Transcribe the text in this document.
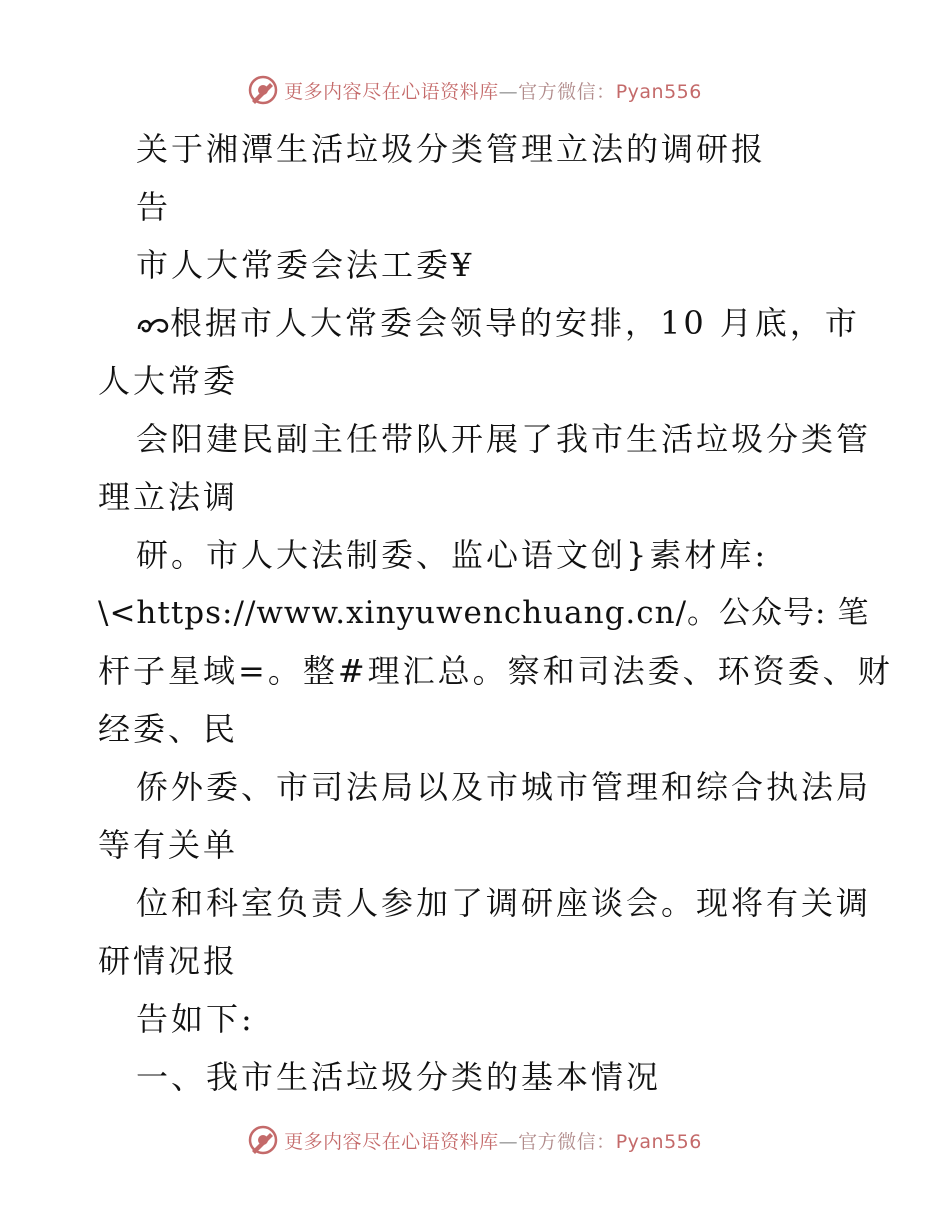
更多内容尽在心语资料库—官方微信：Pyan556
关于湘潭生活垃圾分类管理立法的调研报
告
市人大常委会法工委¥
根据市人大常委会领导的安排，10 月底，市
人大常委
会阳建民副主任带队开展了我市生活垃圾分类管
理立法调
研。市人大法制委、监心语文创}素材库:
\<https://www.xinyuwenchuang.cn/。公众号: 笔
杆子星域=。整#理汇总。察和司法委、环资委、财
经委、民
侨外委、市司法局以及市城市管理和综合执法局
等有关单
位和科室负责人参加了调研座谈会。现将有关调
研情况报
告如下:
一、我市生活垃圾分类的基本情况
更多内容尽在心语资料库—官方微信：Pyan556
